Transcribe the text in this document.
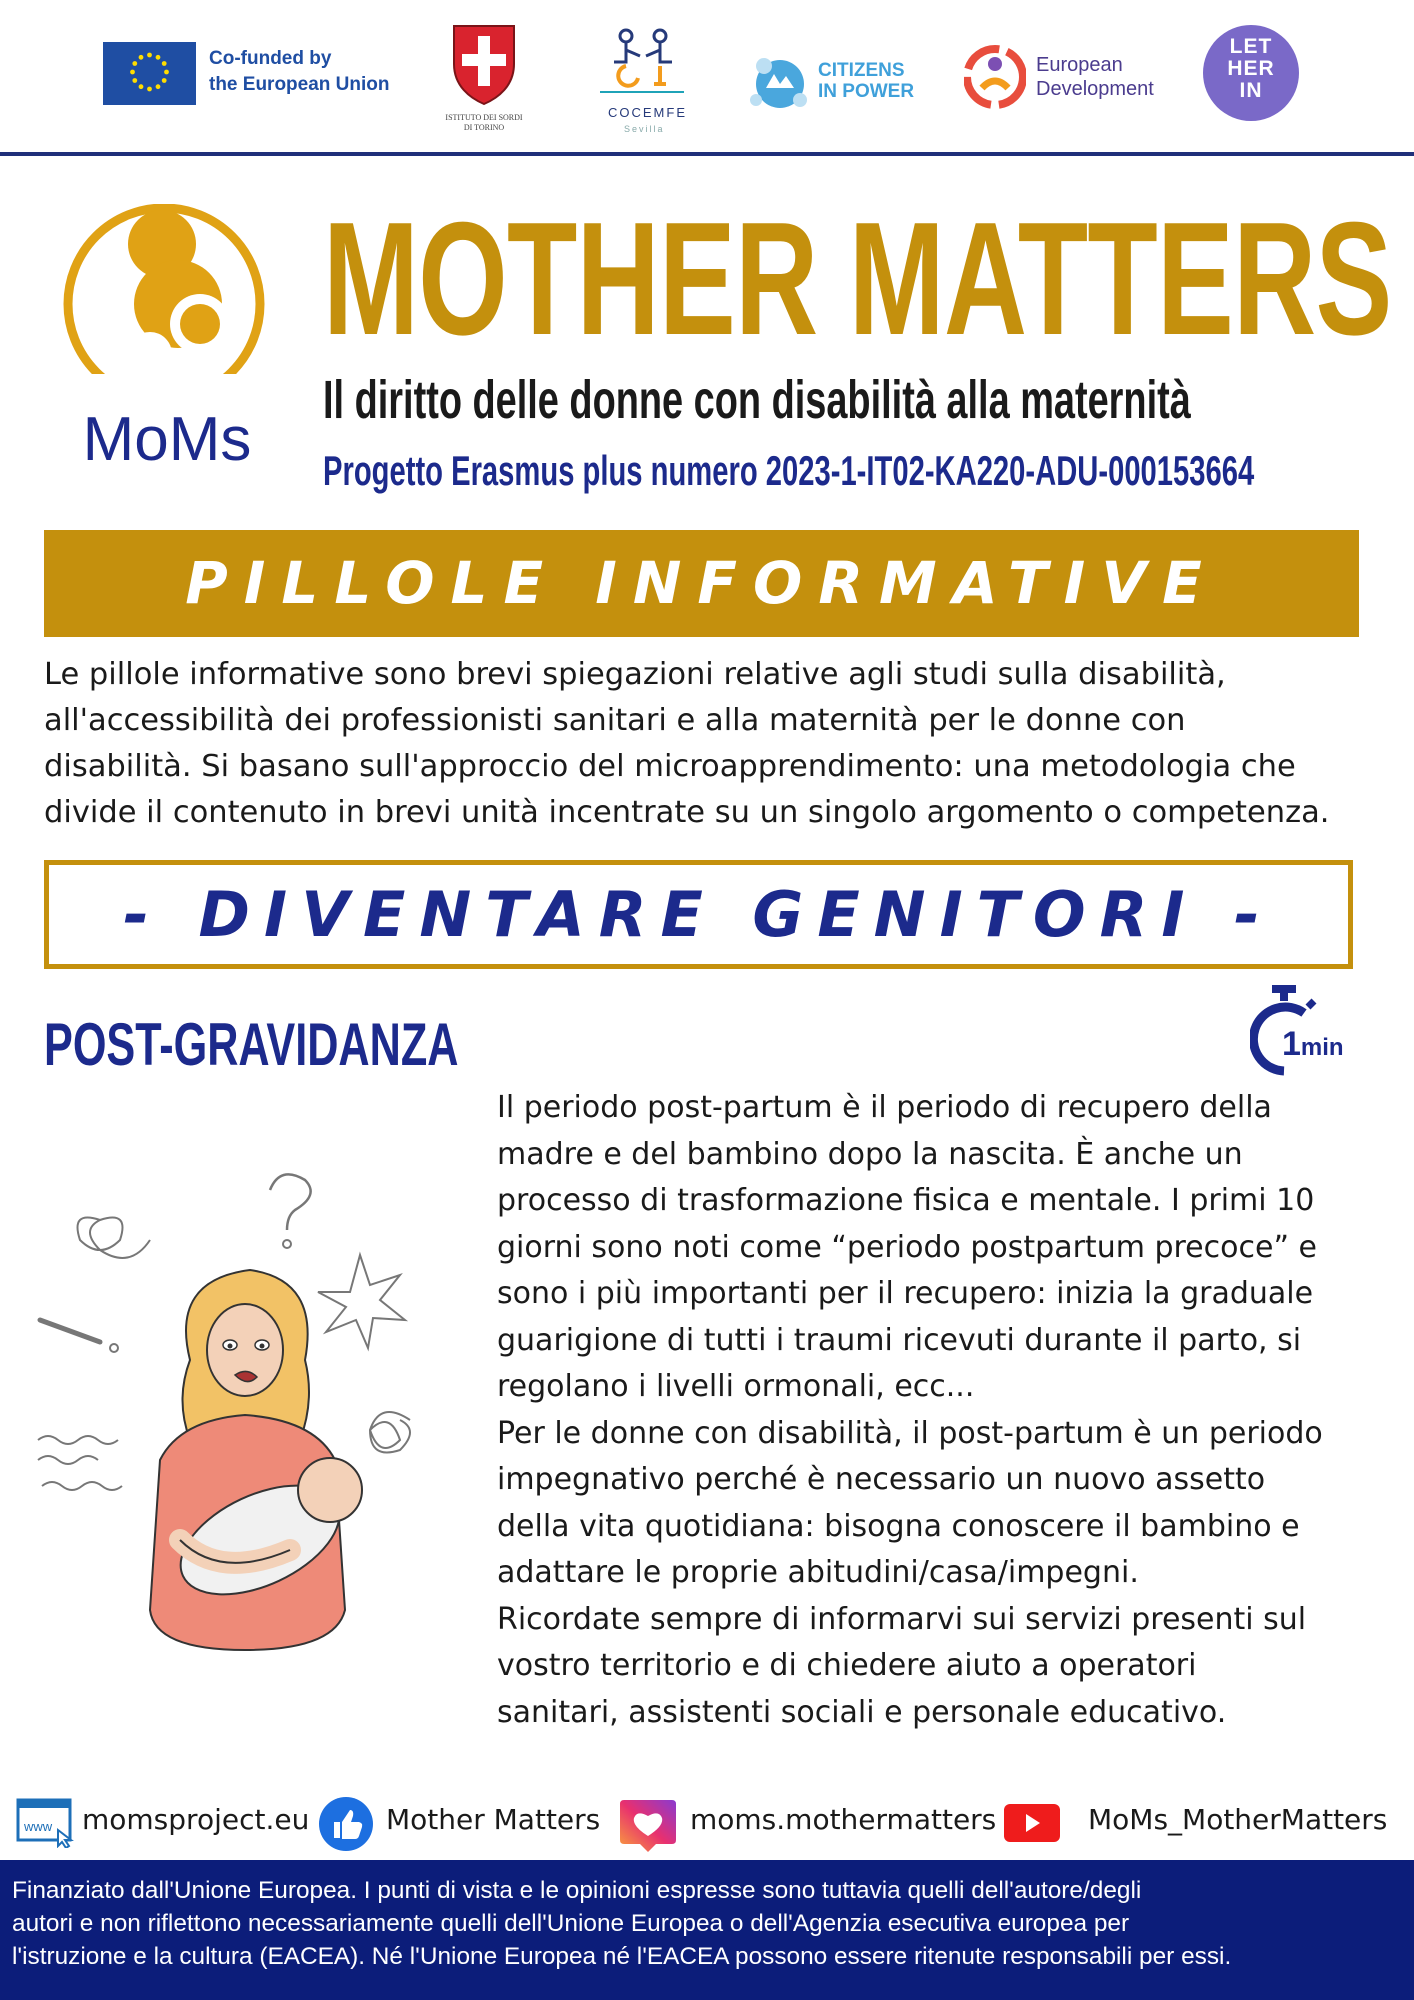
Co-funded by
the European Union
ISTITUTO DEI SORDI
DI TORINO
COCEMFE
Sevilla
CITIZENS
IN POWER
European
Development
LET
HER
IN
MoMs
MOTHER MATTERS
Il diritto delle donne con disabilità alla maternità
Progetto Erasmus plus numero 2023-1-IT02-KA220-ADU-000153664
PILLOLE INFORMATIVE

Le pillole informative sono brevi spiegazioni relative agli studi sulla disabilità,
all'accessibilità dei professionisti sanitari e alla maternità per le donne con
disabilità. Si basano sull'approccio del microapprendimento: una metodologia che
divide il contenuto in brevi unità incentrate su un singolo argomento o competenza.

- DIVENTARE GENITORI -
POST-GRAVIDANZA	1min

Il periodo post-partum è il periodo di recupero della
madre e del bambino dopo la nascita. È anche un
processo di trasformazione fisica e mentale. I primi 10
giorni sono noti come “periodo postpartum precoce” e
sono i più importanti per il recupero: inizia la graduale
guarigione di tutti i traumi ricevuti durante il parto, si
regolano i livelli ormonali, ecc...
Per le donne con disabilità, il post-partum è un periodo
impegnativo perché è necessario un nuovo assetto
della vita quotidiana: bisogna conoscere il bambino e
adattare le proprie abitudini/casa/impegni.
Ricordate sempre di informarvi sui servizi presenti sul
vostro territorio e di chiedere aiuto a operatori
sanitari, assistenti sociali e personale educativo.

www momsproject.eu	Mother Matters	moms.mothermatters	MoMs_MotherMatters

Finanziato dall'Unione Europea. I punti di vista e le opinioni espresse sono tuttavia quelli dell'autore/degli
autori e non riflettono necessariamente quelli dell'Unione Europea o dell'Agenzia esecutiva europea per
l'istruzione e la cultura (EACEA). Né l'Unione Europea né l'EACEA possono essere ritenute responsabili per essi.
